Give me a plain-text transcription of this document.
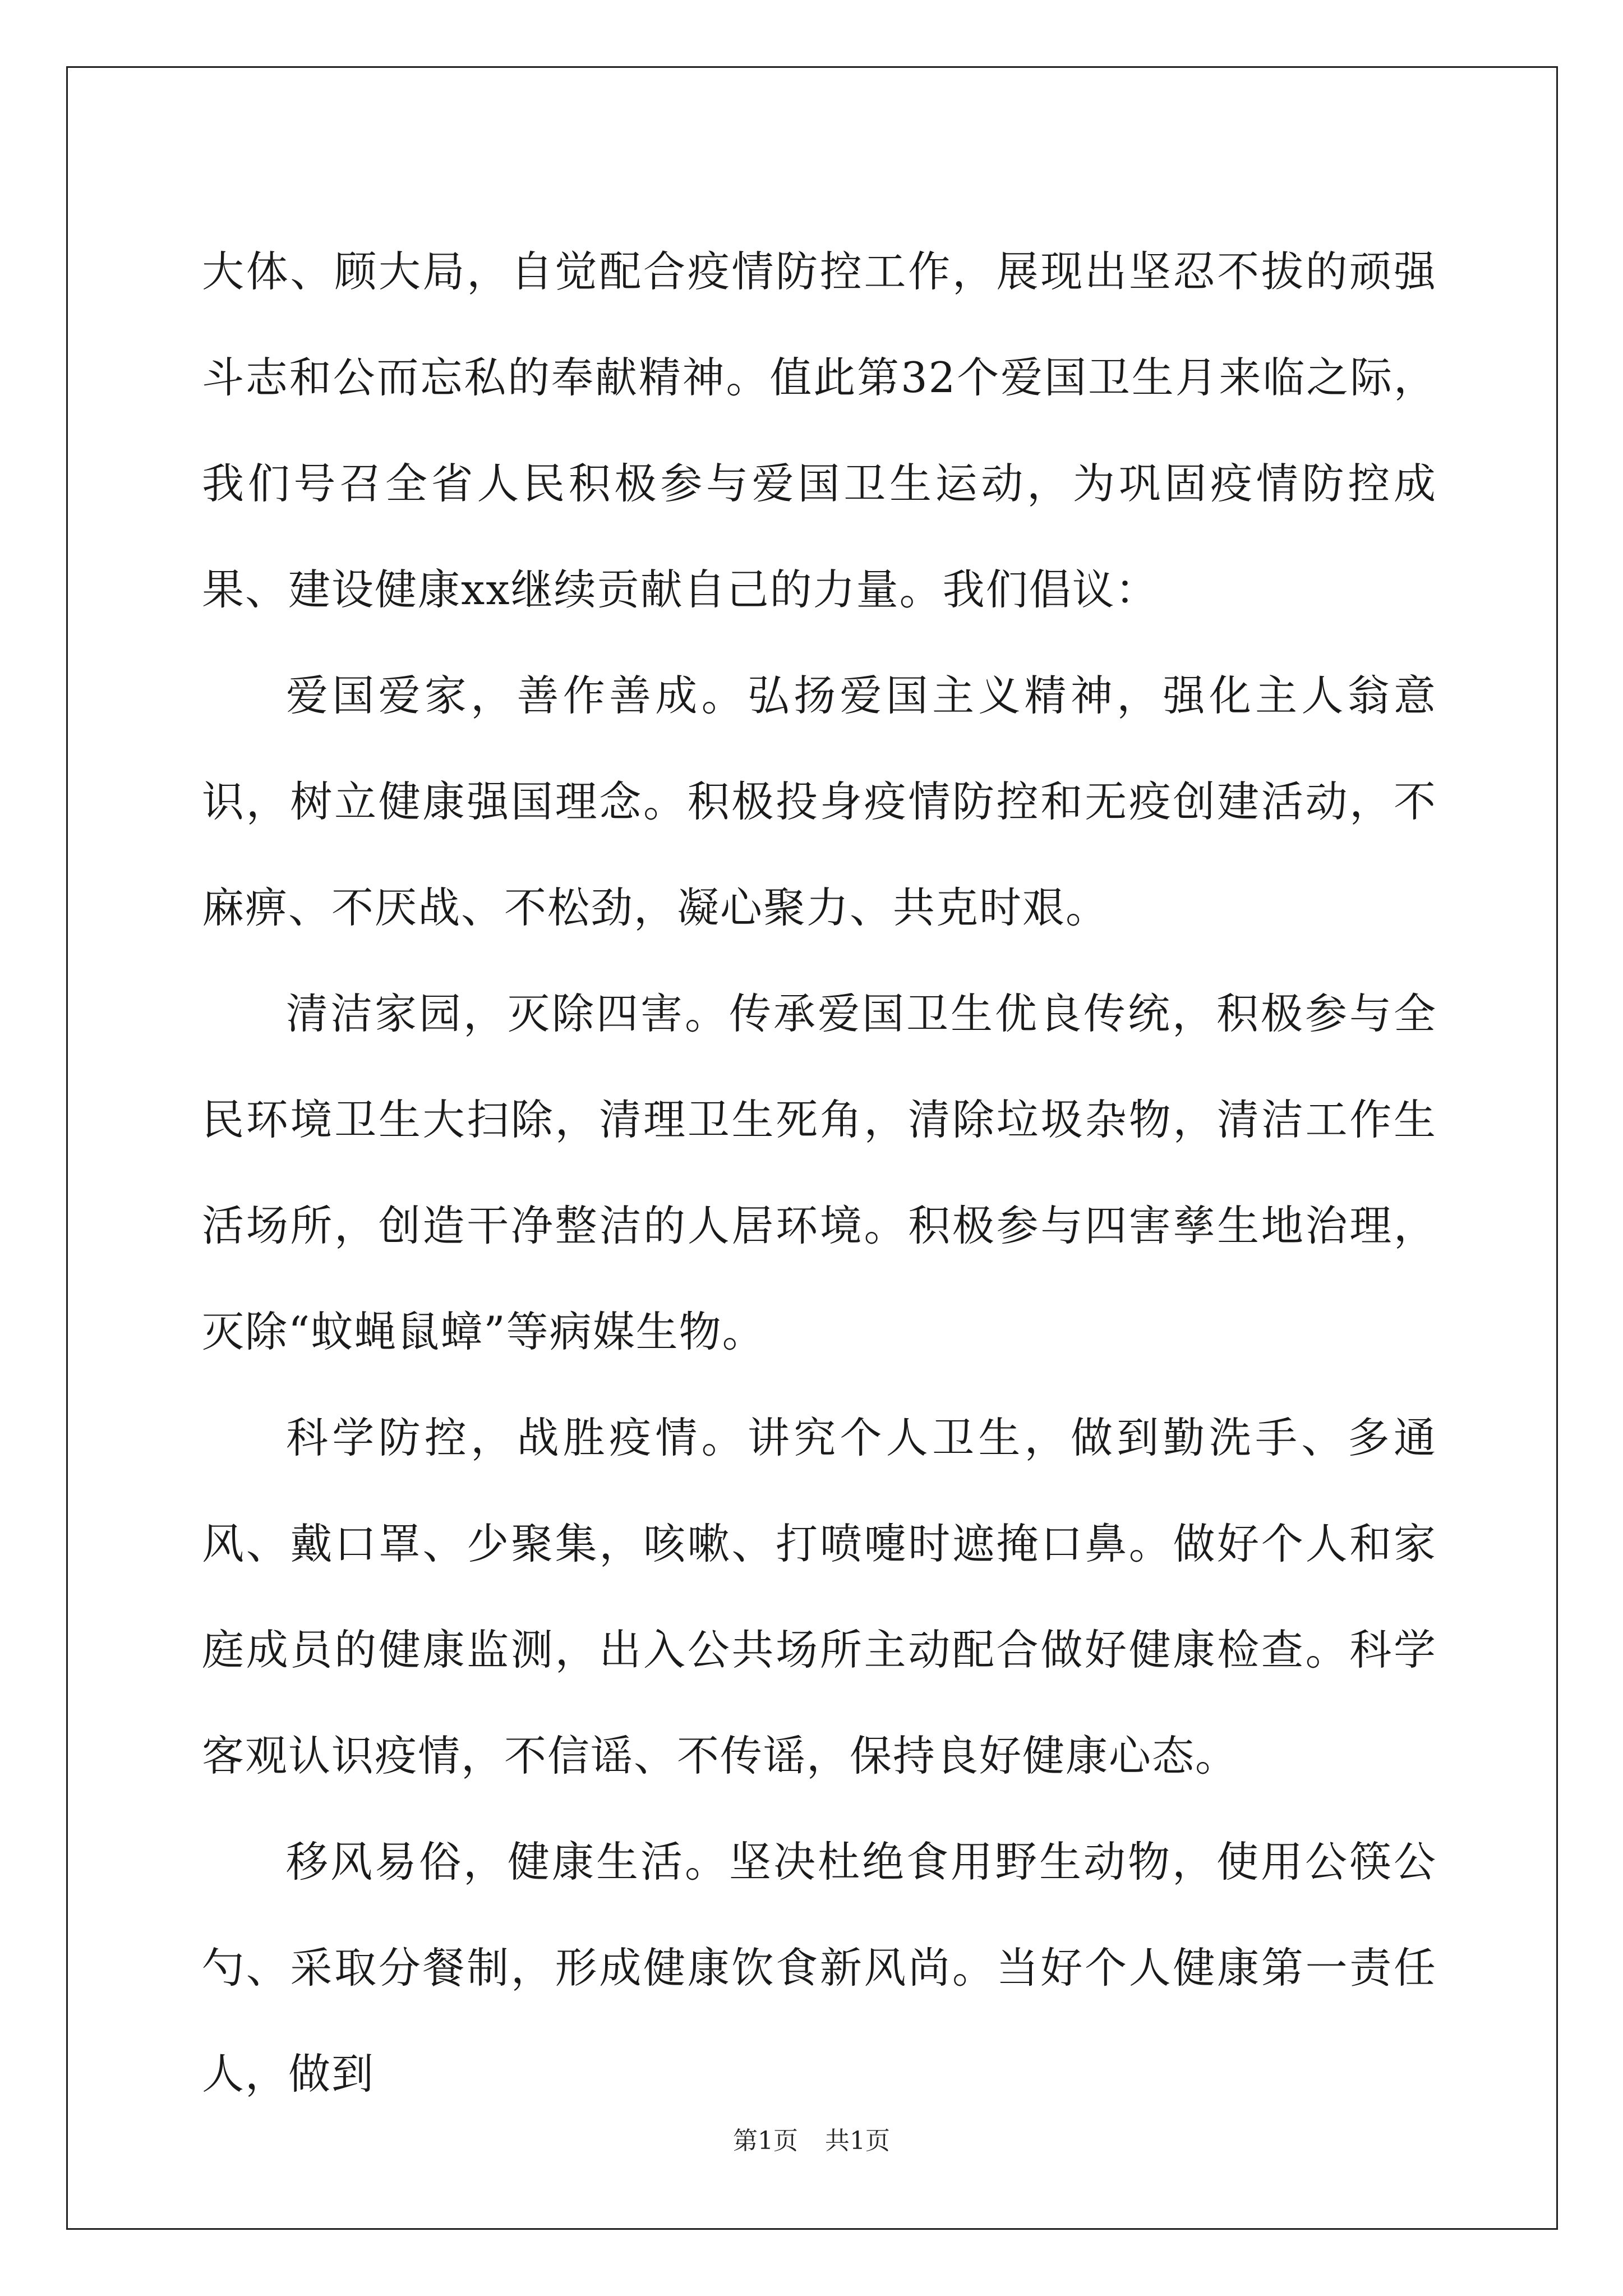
大体、顾大局，自觉配合疫情防控工作，展现出坚忍不拔的顽强斗志和公而忘私的奉献精神。值此第32个爱国卫生月来临之际，我们号召全省人民积极参与爱国卫生运动，为巩固疫情防控成果、建设健康xx继续贡献自己的力量。我们倡议：

爱国爱家，善作善成。弘扬爱国主义精神，强化主人翁意识，树立健康强国理念。积极投身疫情防控和无疫创建活动，不麻痹、不厌战、不松劲，凝心聚力、共克时艰。

清洁家园，灭除四害。传承爱国卫生优良传统，积极参与全民环境卫生大扫除，清理卫生死角，清除垃圾杂物，清洁工作生活场所，创造干净整洁的人居环境。积极参与四害孳生地治理，灭除“蚊蝇鼠蟑”等病媒生物。

科学防控，战胜疫情。讲究个人卫生，做到勤洗手、多通风、戴口罩、少聚集，咳嗽、打喷嚏时遮掩口鼻。做好个人和家庭成员的健康监测，出入公共场所主动配合做好健康检查。科学客观认识疫情，不信谣、不传谣，保持良好健康心态。

移风易俗，健康生活。坚决杜绝食用野生动物，使用公筷公勺、采取分餐制，形成健康饮食新风尚。当好个人健康第一责任人，做到

第1页 共1页
